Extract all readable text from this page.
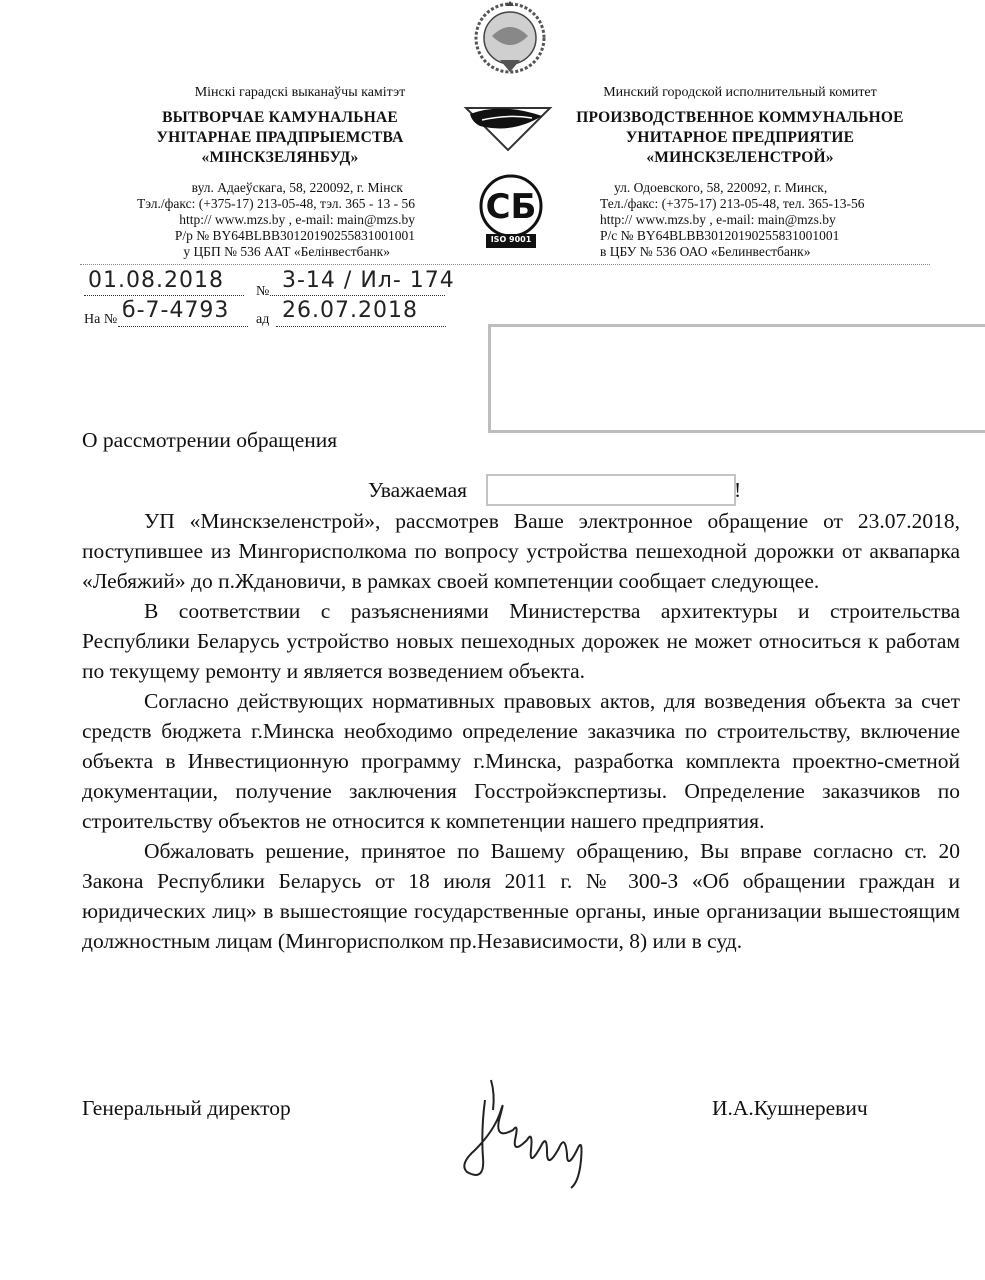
Мінскі гарадскі выканаўчы камітэт
ВЫТВОРЧАЕ КАМУНАЛЬНАЕ
УНІТАРНАЕ ПРАДПРЫЕМСТВА
«МІНСКЗЕЛЯНБУД»
вул. Адаеўскага, 58, 220092, г. Мінск
Тэл./факс: (+375-17) 213-05-48, тэл. 365 - 13 - 56
http:// www.mzs.by , e-mail: main@mzs.by
Р/р № BY64BLBB30120190255831001001
у ЦБП № 536 ААТ «Белінвестбанк»
СБ
ISO 9001
Минский городской исполнительный комитет
ПРОИЗВОДСТВЕННОЕ КОММУНАЛЬНОЕ
УНИТАРНОЕ ПРЕДПРИЯТИЕ
«МИНСКЗЕЛЕНСТРОЙ»
ул. Одоевского, 58, 220092, г. Минск,
Тел./факс: (+375-17) 213-05-48, тел. 365-13-56
http:// www.mzs.by , e-mail: main@mzs.by
Р/с № BY64BLBB30120190255831001001
в ЦБУ № 536 ОАО «Белинвестбанк»
01.08.2018 № 3-14 / Ил- 174
На № б-7-4793 ад 26.07.2018
О рассмотрении обращения
Уважаемая	!

УП «Минскзеленстрой», рассмотрев Ваше электронное обращение от 23.07.2018, поступившее из Мингорисполкома по вопросу устройства пешеходной дорожки от аквапарка «Лебяжий» до п.Ждановичи, в рамках своей компетенции сообщает следующее.

В соответствии с разъяснениями Министерства архитектуры и строительства Республики Беларусь устройство новых пешеходных дорожек не может относиться к работам по текущему ремонту и является возведением объекта.

Согласно действующих нормативных правовых актов, для возведения объекта за счет средств бюджета г.Минска необходимо определение заказчика по строительству, включение объекта в Инвестиционную программу г.Минска, разработка комплекта проектно-сметной документации, получение заключения Госстройэкспертизы. Определение заказчиков по строительству объектов не относится к компетенции нашего предприятия.

Обжаловать решение, принятое по Вашему обращению, Вы вправе согласно ст. 20 Закона Республики Беларусь от 18 июля 2011 г. № 300-З «Об обращении граждан и юридических лиц» в вышестоящие государственные органы, иные организации вышестоящим должностным лицам (Мингорисполком пр.Независимости, 8) или в суд.

Генеральный директор	И.А.Кушнеревич
